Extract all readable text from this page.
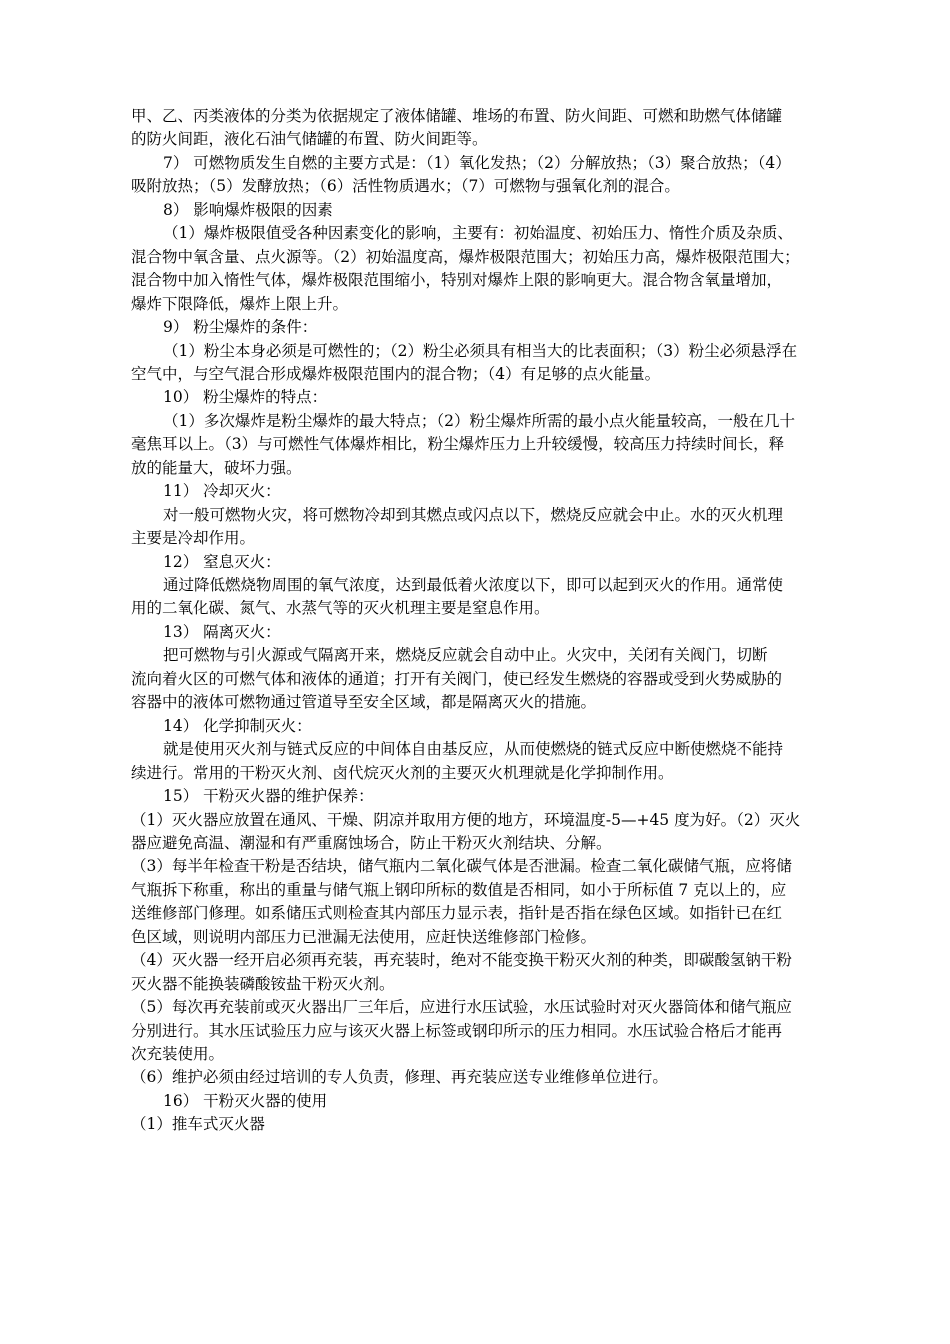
甲、乙、丙类液体的分类为依据规定了液体储罐、堆场的布置、防火间距、可燃和助燃气体储罐
的防火间距，液化石油气储罐的布置、防火间距等。
7） 可燃物质发生自燃的主要方式是：（1）氧化发热；（2）分解放热；（3）聚合放热；（4）
吸附放热；（5）发酵放热；（6）活性物质遇水；（7）可燃物与强氧化剂的混合。
8） 影响爆炸极限的因素
（1）爆炸极限值受各种因素变化的影响，主要有：初始温度、初始压力、惰性介质及杂质、
混合物中氧含量、点火源等。（2）初始温度高，爆炸极限范围大；初始压力高，爆炸极限范围大；
混合物中加入惰性气体，爆炸极限范围缩小，特别对爆炸上限的影响更大。混合物含氧量增加，
爆炸下限降低，爆炸上限上升。
9） 粉尘爆炸的条件：
（1）粉尘本身必须是可燃性的；（2）粉尘必须具有相当大的比表面积；（3）粉尘必须悬浮在
空气中，与空气混合形成爆炸极限范围内的混合物；（4）有足够的点火能量。
10） 粉尘爆炸的特点：
（1）多次爆炸是粉尘爆炸的最大特点；（2）粉尘爆炸所需的最小点火能量较高，一般在几十
毫焦耳以上。（3）与可燃性气体爆炸相比，粉尘爆炸压力上升较缓慢，较高压力持续时间长，释
放的能量大，破坏力强。
11） 冷却灭火：
对一般可燃物火灾，将可燃物冷却到其燃点或闪点以下，燃烧反应就会中止。水的灭火机理
主要是冷却作用。
12） 窒息灭火：
通过降低燃烧物周围的氧气浓度，达到最低着火浓度以下，即可以起到灭火的作用。通常使
用的二氧化碳、氮气、水蒸气等的灭火机理主要是窒息作用。
13） 隔离灭火：
把可燃物与引火源或气隔离开来，燃烧反应就会自动中止。火灾中，关闭有关阀门，切断
流向着火区的可燃气体和液体的通道；打开有关阀门，使已经发生燃烧的容器或受到火势威胁的
容器中的液体可燃物通过管道导至安全区域，都是隔离灭火的措施。
14） 化学抑制灭火：
就是使用灭火剂与链式反应的中间体自由基反应，从而使燃烧的链式反应中断使燃烧不能持
续进行。常用的干粉灭火剂、卤代烷灭火剂的主要灭火机理就是化学抑制作用。
15） 干粉灭火器的维护保养：
（1）灭火器应放置在通风、干燥、阴凉并取用方便的地方，环境温度-5—+45 度为好。（2）灭火
器应避免高温、潮湿和有严重腐蚀场合，防止干粉灭火剂结块、分解。
（3）每半年检查干粉是否结块，储气瓶内二氧化碳气体是否泄漏。检查二氧化碳储气瓶，应将储
气瓶拆下称重，称出的重量与储气瓶上钢印所标的数值是否相同，如小于所标值 7 克以上的，应
送维修部门修理。如系储压式则检查其内部压力显示表，指针是否指在绿色区域。如指针已在红
色区域，则说明内部压力已泄漏无法使用，应赶快送维修部门检修。
（4）灭火器一经开启必须再充装，再充装时，绝对不能变换干粉灭火剂的种类，即碳酸氢钠干粉
灭火器不能换装磷酸铵盐干粉灭火剂。
（5）每次再充装前或灭火器出厂三年后，应进行水压试验，水压试验时对灭火器筒体和储气瓶应
分别进行。其水压试验压力应与该灭火器上标签或钢印所示的压力相同。水压试验合格后才能再
次充装使用。
（6）维护必须由经过培训的专人负责，修理、再充装应送专业维修单位进行。
16） 干粉灭火器的使用
（1）推车式灭火器
